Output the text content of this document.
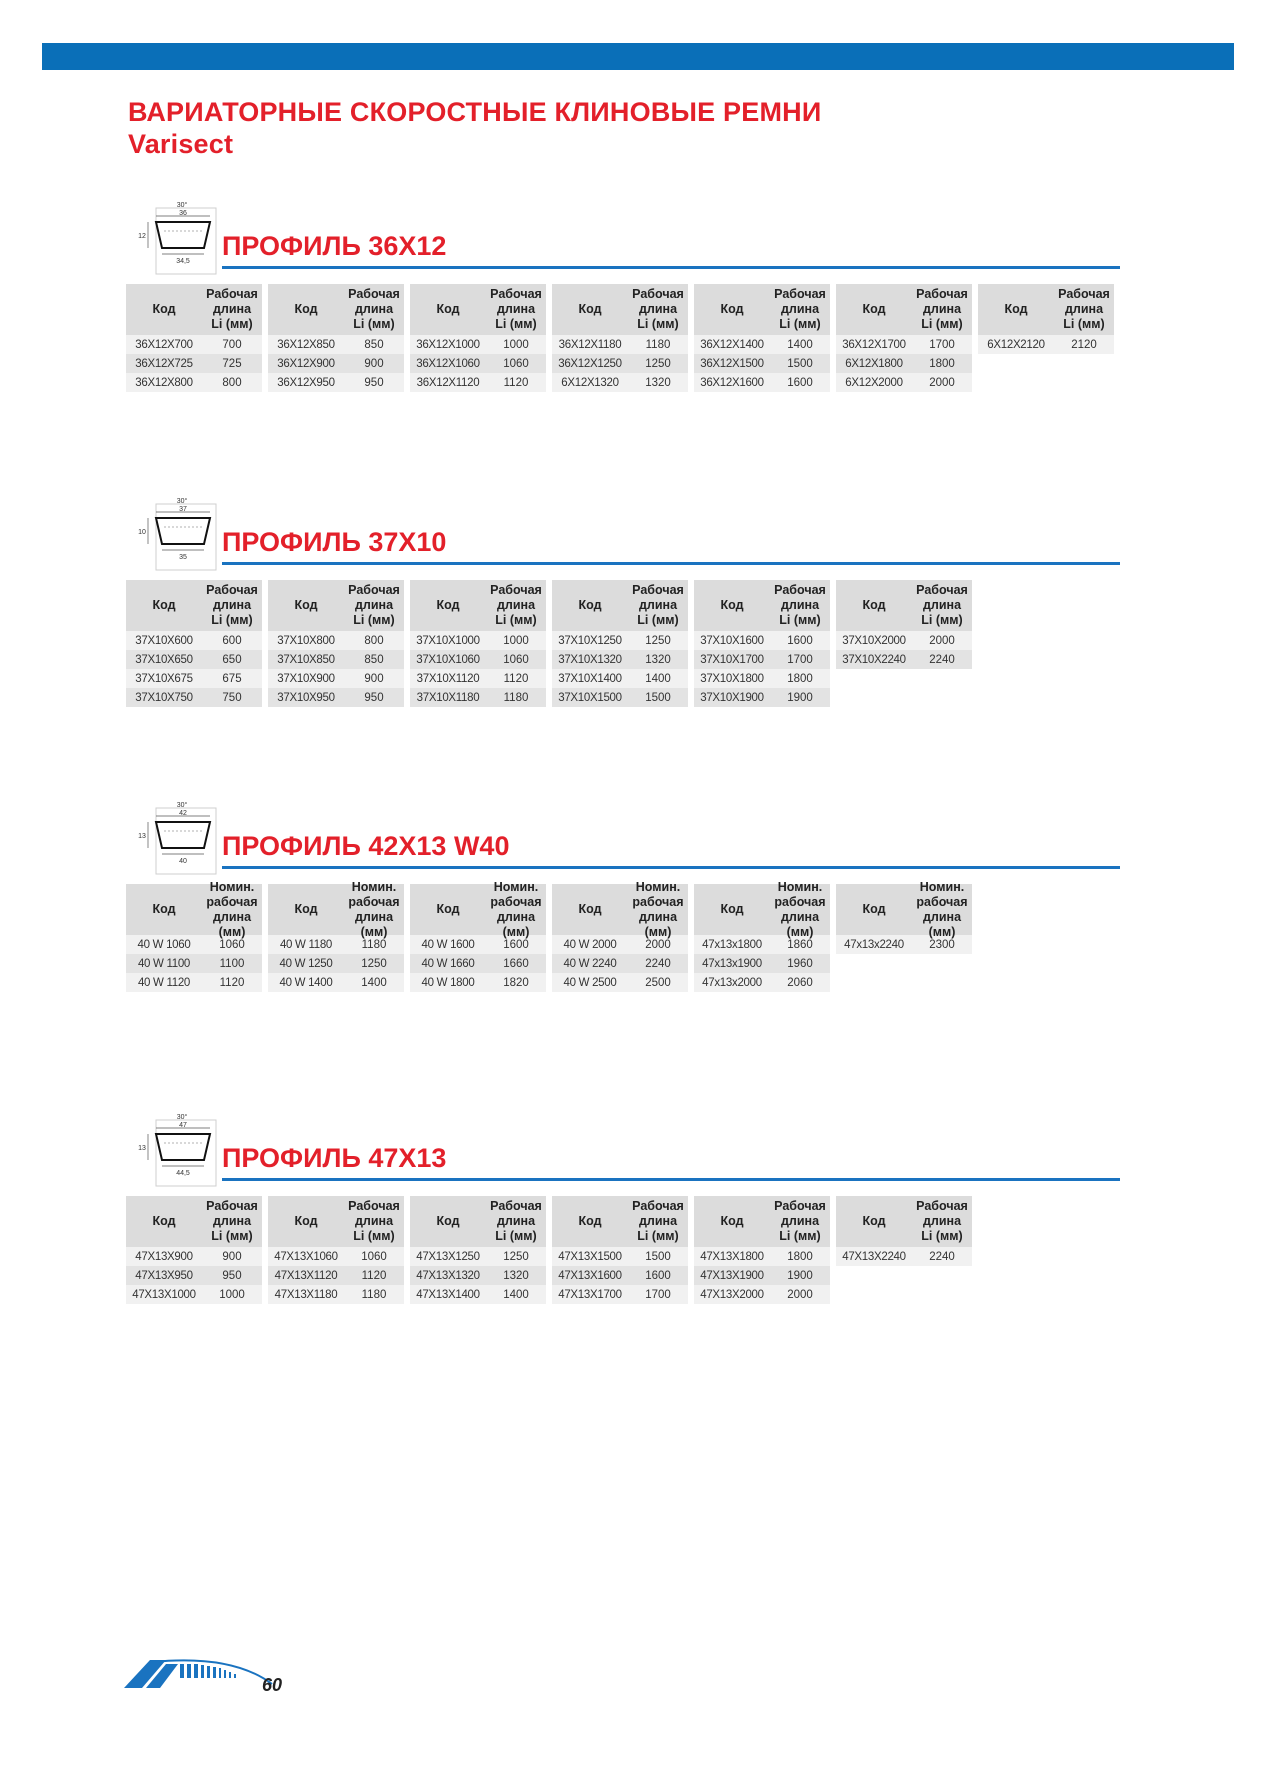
ВАРИАТОРНЫЕ СКОРОСТНЫЕ КЛИНОВЫЕ РЕМНИ
Varisect
30°
36
12
34,5
ПРОФИЛЬ 36Х12
Код
Рабочая
длина
Li (мм)
36X12X700	700
36X12X725	725
36X12X800	800
Код
Рабочая
длина
Li (мм)
36X12X850	850
36X12X900	900
36X12X950	950
Код
Рабочая
длина
Li (мм)
36X12X1000	1000
36X12X1060	1060
36X12X1120	1120
Код
Рабочая
длина
Li (мм)
36X12X1180	1180
36X12X1250	1250
6X12X1320	1320
Код
Рабочая
длина
Li (мм)
36X12X1400	1400
36X12X1500	1500
36X12X1600	1600
Код
Рабочая
длина
Li (мм)
36X12X1700	1700
6X12X1800	1800
6X12X2000	2000
Код
Рабочая
длина
Li (мм)
6X12X2120	2120
30°
37
10
35
ПРОФИЛЬ 37Х10
Код
Рабочая
длина
Li (мм)
37X10X600	600
37X10X650	650
37X10X675	675
37X10X750	750
Код
Рабочая
длина
Li (мм)
37X10X800	800
37X10X850	850
37X10X900	900
37X10X950	950
Код
Рабочая
длина
Li (мм)
37X10X1000	1000
37X10X1060	1060
37X10X1120	1120
37X10X1180	1180
Код
Рабочая
длина
Li (мм)
37X10X1250	1250
37X10X1320	1320
37X10X1400	1400
37X10X1500	1500
Код
Рабочая
длина
Li (мм)
37X10X1600	1600
37X10X1700	1700
37X10X1800	1800
37X10X1900	1900
Код
Рабочая
длина
Li (мм)
37X10X2000	2000
37X10X2240	2240
30°
42
13
40
ПРОФИЛЬ 42Х13 W40
Код
Номин.
рабочая
длина (мм)
40 W 1060	1060
40 W 1100	1100
40 W 1120	1120
Код
Номин.
рабочая
длина (мм)
40 W 1180	1180
40 W 1250	1250
40 W 1400	1400
Код
Номин.
рабочая
длина (мм)
40 W 1600	1600
40 W 1660	1660
40 W 1800	1820
Код
Номин.
рабочая
длина (мм)
40 W 2000	2000
40 W 2240	2240
40 W 2500	2500
Код
Номин.
рабочая
длина (мм)
47x13x1800	1860
47x13x1900	1960
47x13x2000	2060
Код
Номин.
рабочая
длина (мм)
47x13x2240	2300
30°
47
13
44,5
ПРОФИЛЬ 47Х13
Код
Рабочая
длина
Li (мм)
47X13X900	900
47X13X950	950
47X13X1000	1000
Код
Рабочая
длина
Li (мм)
47X13X1060	1060
47X13X1120	1120
47X13X1180	1180
Код
Рабочая
длина
Li (мм)
47X13X1250	1250
47X13X1320	1320
47X13X1400	1400
Код
Рабочая
длина
Li (мм)
47X13X1500	1500
47X13X1600	1600
47X13X1700	1700
Код
Рабочая
длина
Li (мм)
47X13X1800	1800
47X13X1900	1900
47X13X2000	2000
Код
Рабочая
длина
Li (мм)
47X13X2240	2240
60
